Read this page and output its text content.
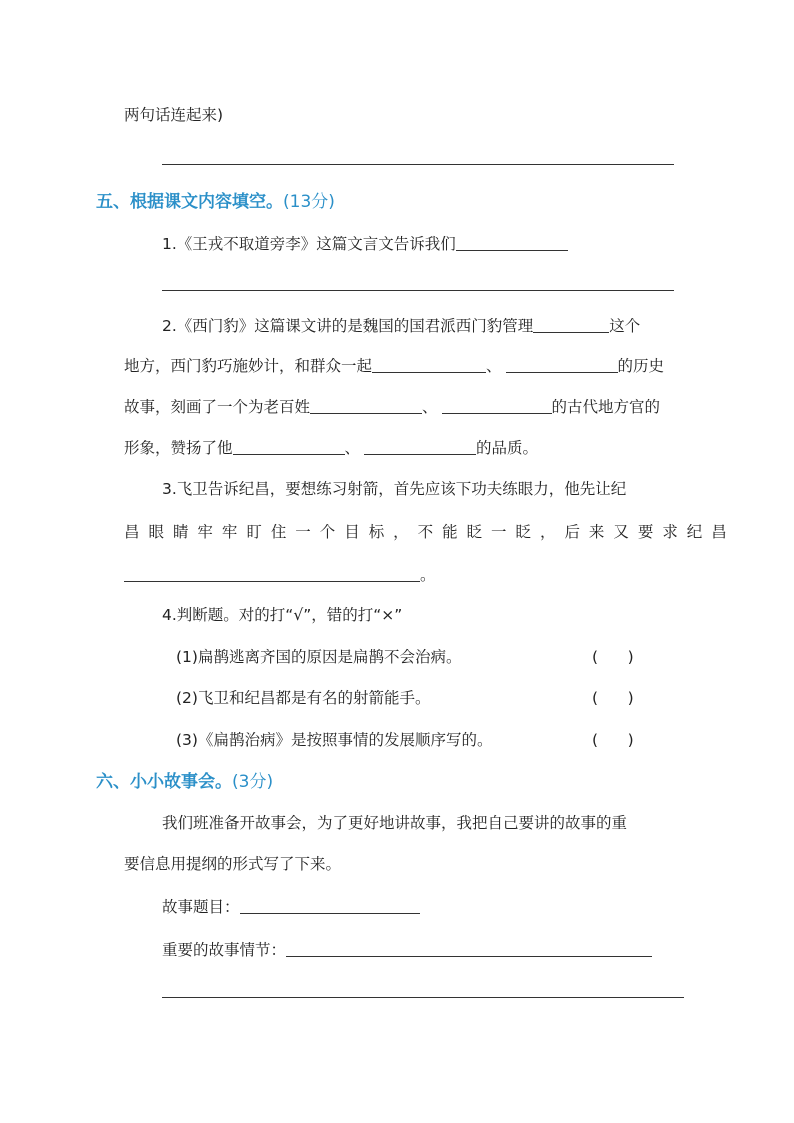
两句话连起来)
五、根据课文内容填空。(13分)
1.《王戎不取道旁李》这篇文言文告诉我们
2.《西门豹》这篇课文讲的是魏国的国君派西门豹管理	这个
地方，西门豹巧施妙计，和群众一起	、	的历史
故事，刻画了一个为老百姓	、	的古代地方官的
形象，赞扬了他	、	的品质。
3.飞卫告诉纪昌，要想练习射箭，首先应该下功夫练眼力，他先让纪
昌 眼 睛 牢 牢 盯 住 一 个 目 标 ， 不 能 眨 一 眨 ， 后 来 又 要 求 纪 昌
。
4.判断题。对的打“√”，错的打“×”
(1)扁鹊逃离齐国的原因是扁鹊不会治病。	(      )
(2)飞卫和纪昌都是有名的射箭能手。	(      )
(3)《扁鹊治病》是按照事情的发展顺序写的。	(      )
六、小小故事会。(3分)
我们班准备开故事会，为了更好地讲故事，我把自己要讲的故事的重
要信息用提纲的形式写了下来。
故事题目：
重要的故事情节：
